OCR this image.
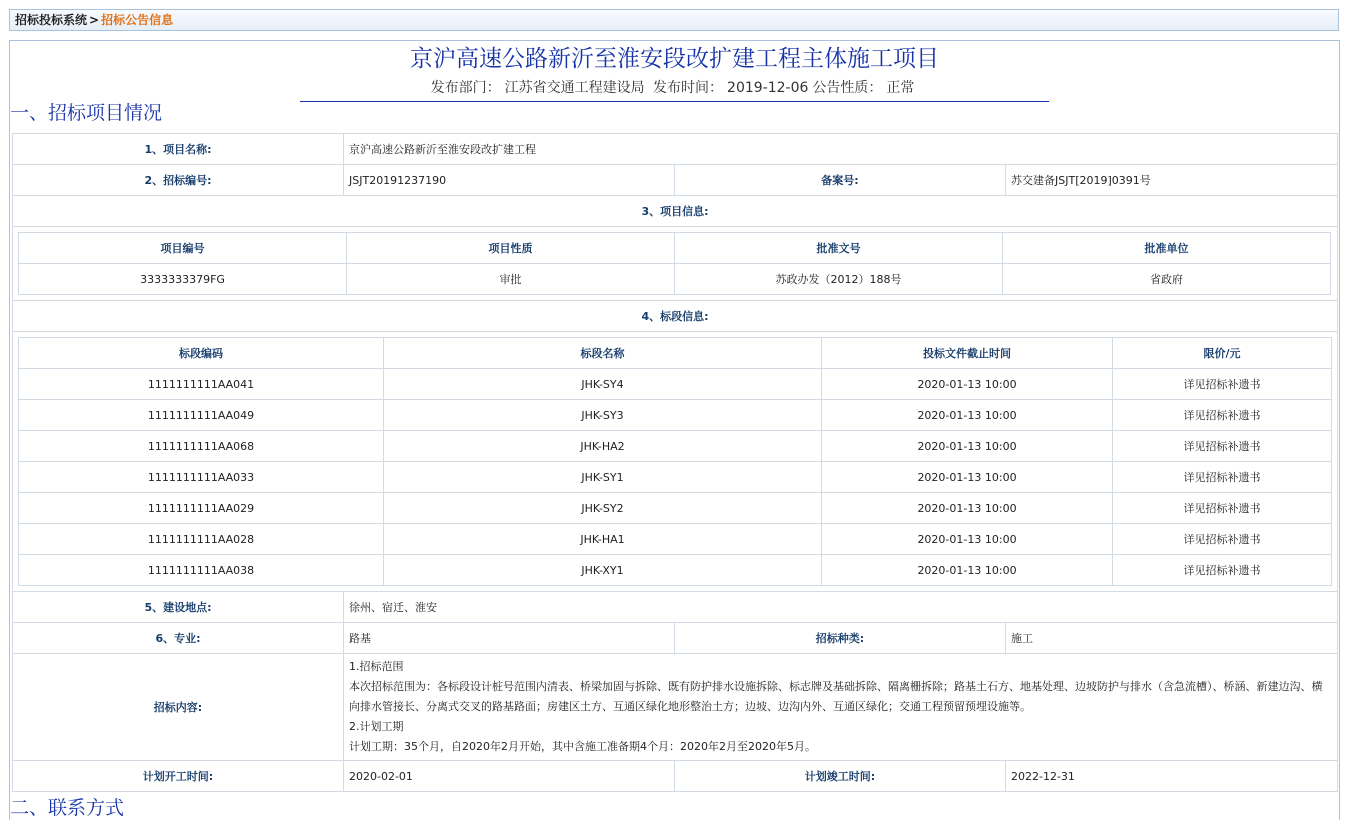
招标投标系统 > 招标公告信息
京沪高速公路新沂至淮安段改扩建工程主体施工项目
发布部门： 江苏省交通工程建设局 发布时间： 2019-12-06 公告性质： 正常
一、招标项目情况
1、项目名称:	京沪高速公路新沂至淮安段改扩建工程
2、招标编号:	JSJT20191237190	备案号:	苏交建备JSJT[2019]0391号
3、项目信息:

项目编号	项目性质	批准文号	批准单位
3333333379FG	审批	苏政办发（2012）188号	省政府

4、标段信息:

标段编码	标段名称	投标文件截止时间	限价/元
1111111111AA041	JHK-SY4	2020-01-13 10:00	详见招标补遗书
1111111111AA049	JHK-SY3	2020-01-13 10:00	详见招标补遗书
1111111111AA068	JHK-HA2	2020-01-13 10:00	详见招标补遗书
1111111111AA033	JHK-SY1	2020-01-13 10:00	详见招标补遗书
1111111111AA029	JHK-SY2	2020-01-13 10:00	详见招标补遗书
1111111111AA028	JHK-HA1	2020-01-13 10:00	详见招标补遗书
1111111111AA038	JHK-XY1	2020-01-13 10:00	详见招标补遗书

5、建设地点:	徐州、宿迁、淮安
6、专业:	路基	招标种类:	施工
招标内容:	
1.招标范围
本次招标范围为：各标段设计桩号范围内清表、桥梁加固与拆除、既有防护排水设施拆除、标志牌及基础拆除、隔离栅拆除；路基土石方、地基处理、边坡防护与排水（含急流槽）、桥涵、新建边沟、横向排水管接长、分离式交叉的路基路面；房建区土方、互通区绿化地形整治土方；边坡、边沟内外、互通区绿化；交通工程预留预埋设施等。
2.计划工期
计划工期：35个月，自2020年2月开始，其中含施工准备期4个月：2020年2月至2020年5月。

计划开工时间:	2020-02-01	计划竣工时间:	2022-12-31
二、联系方式
